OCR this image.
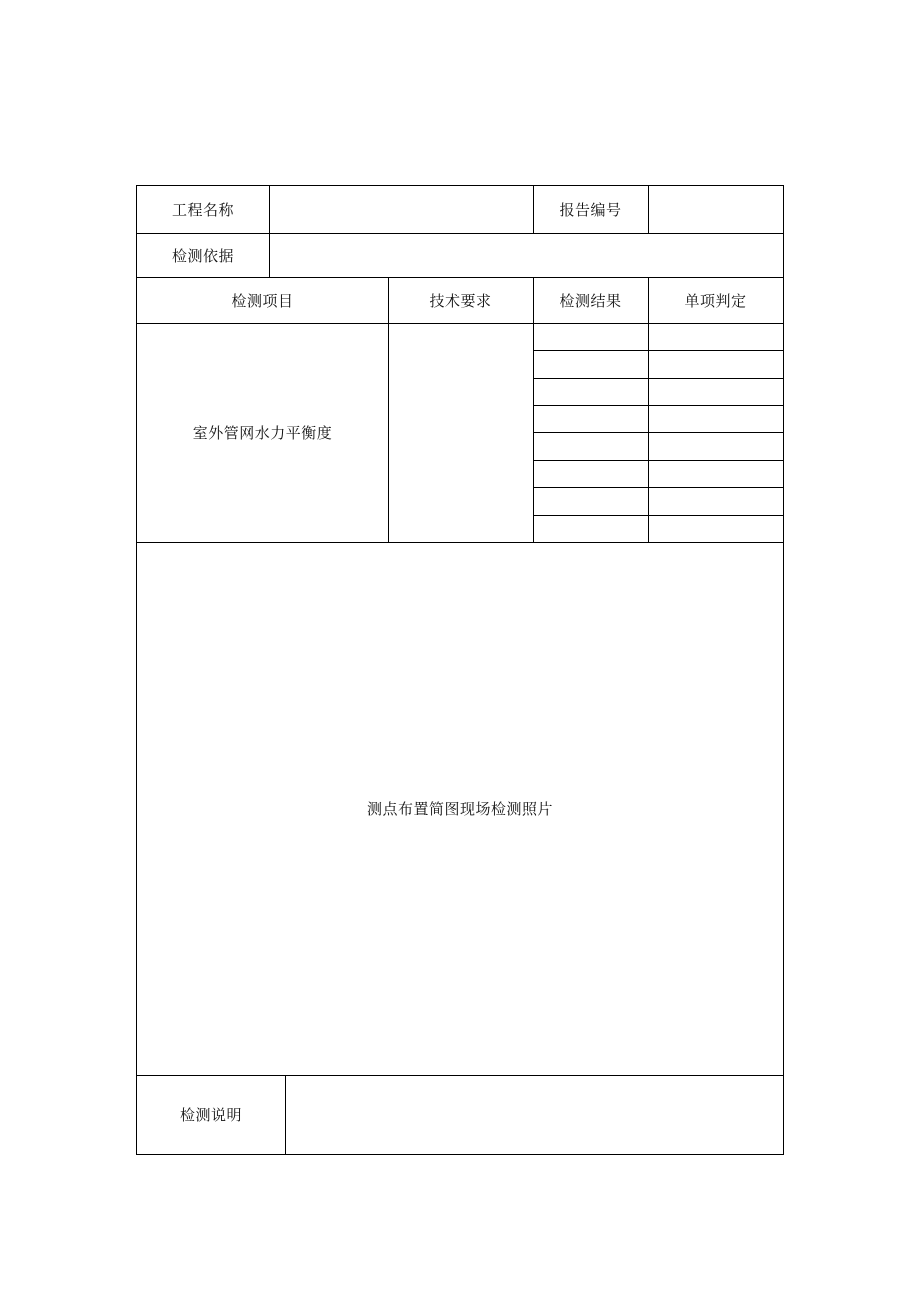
工程名称	报告编号
检测依据
检测项目	技术要求	检测结果	单项判定
室外管网水力平衡度
测点布置简图现场检测照片
检测说明
